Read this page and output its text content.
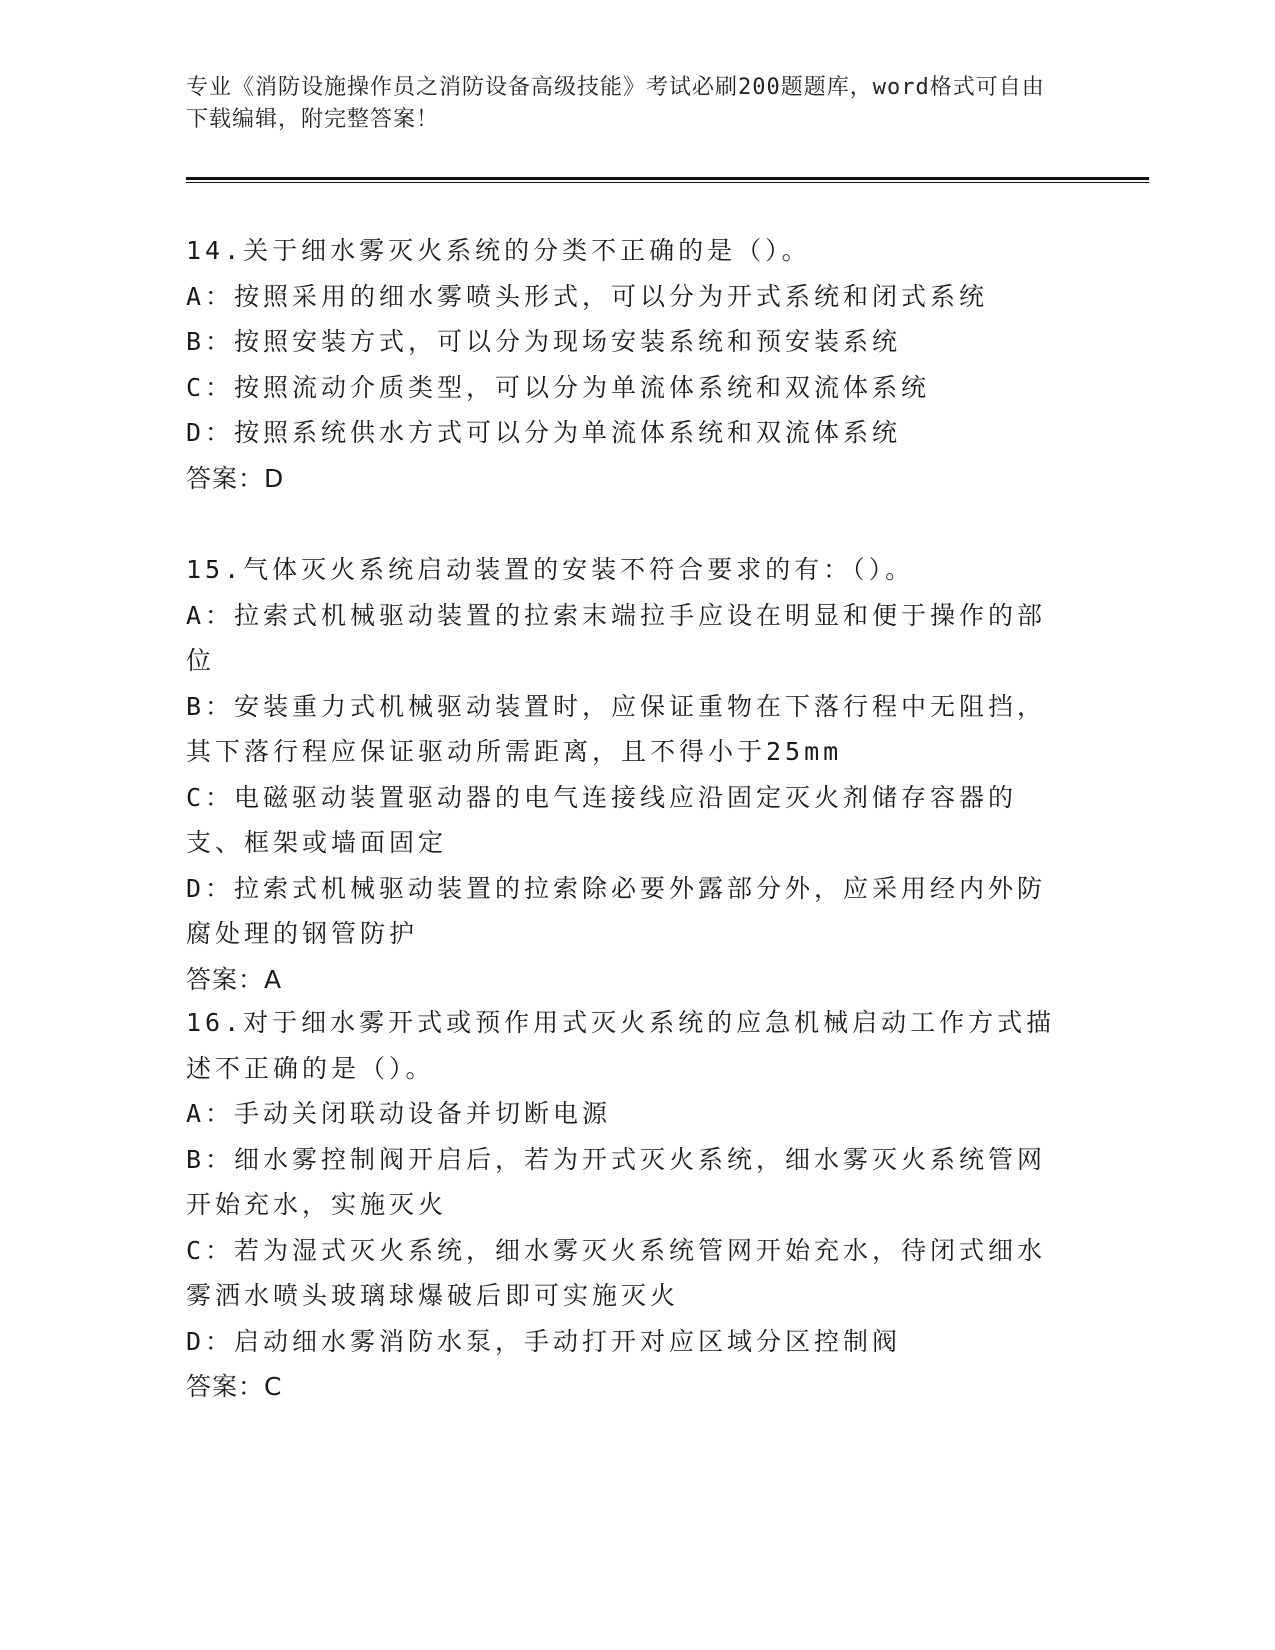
专业《消防设施操作员之消防设备高级技能》考试必刷200题题库，word格式可自由下载编辑，附完整答案！
14.关于细水雾灭火系统的分类不正确的是（）。
A：按照采用的细水雾喷头形式，可以分为开式系统和闭式系统
B：按照安装方式，可以分为现场安装系统和预安装系统
C：按照流动介质类型，可以分为单流体系统和双流体系统
D：按照系统供水方式可以分为单流体系统和双流体系统
答案：D
15.气体灭火系统启动装置的安装不符合要求的有：（）。
A：拉索式机械驱动装置的拉索末端拉手应设在明显和便于操作的部位
B：安装重力式机械驱动装置时，应保证重物在下落行程中无阻挡，其下落行程应保证驱动所需距离，且不得小于25mm
C：电磁驱动装置驱动器的电气连接线应沿固定灭火剂储存容器的支、框架或墙面固定
D：拉索式机械驱动装置的拉索除必要外露部分外，应采用经内外防腐处理的钢管防护
答案：A
16.对于细水雾开式或预作用式灭火系统的应急机械启动工作方式描述不正确的是（）。
A：手动关闭联动设备并切断电源
B：细水雾控制阀开启后，若为开式灭火系统，细水雾灭火系统管网开始充水，实施灭火
C：若为湿式灭火系统，细水雾灭火系统管网开始充水，待闭式细水雾洒水喷头玻璃球爆破后即可实施灭火
D：启动细水雾消防水泵，手动打开对应区域分区控制阀
答案：C
